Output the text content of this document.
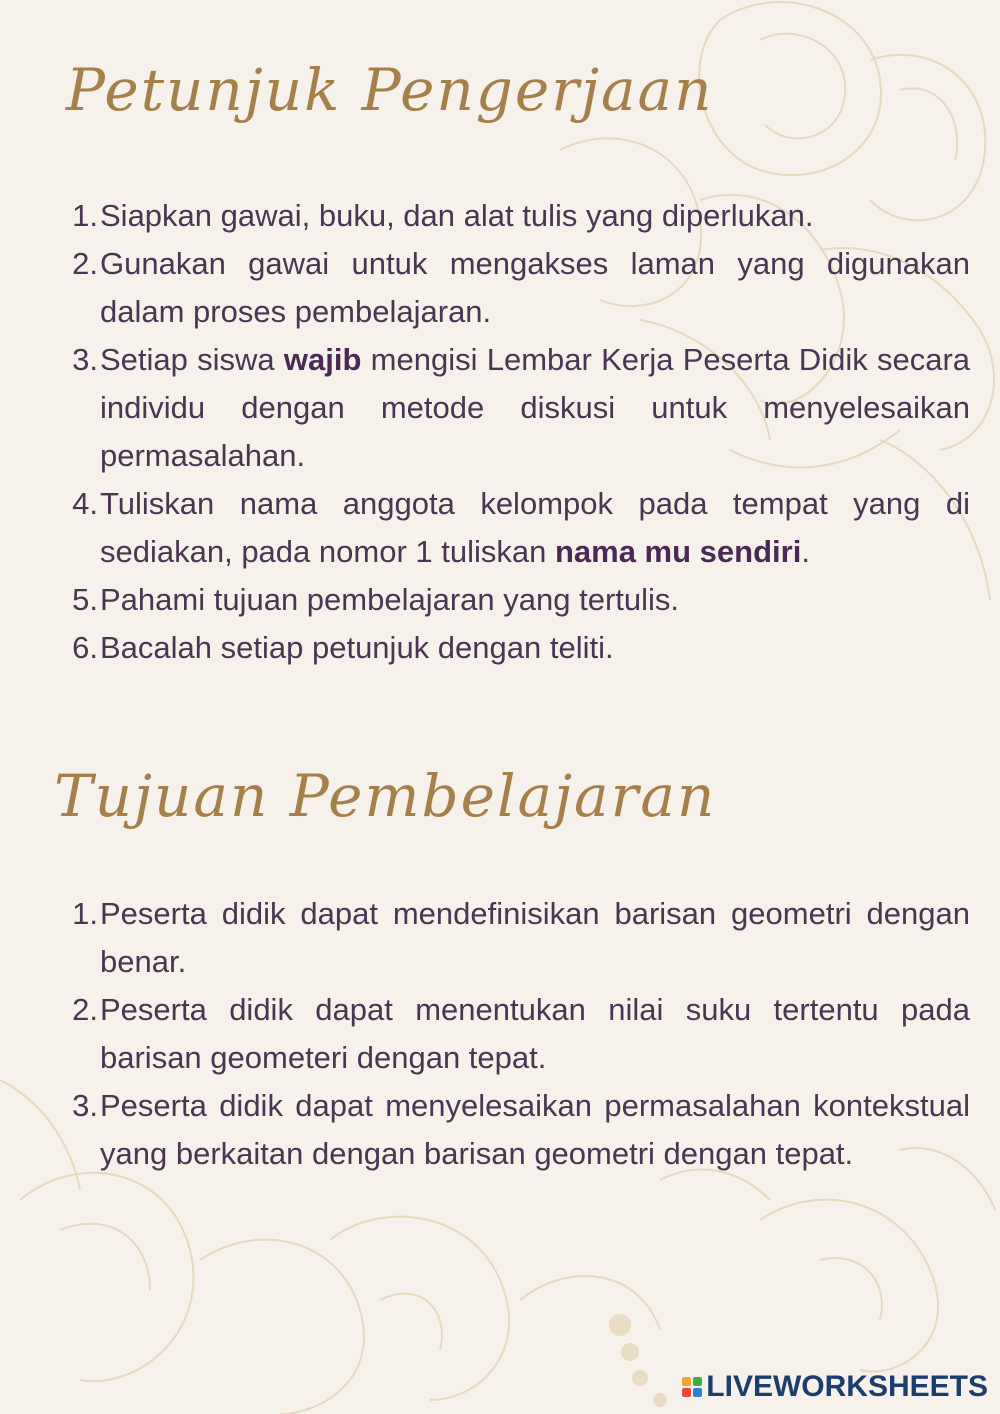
Petunjuk Pengerjaan
1. Siapkan gawai, buku, dan alat tulis yang diperlukan.
2. Gunakan gawai untuk mengakses laman yang digunakan dalam proses pembelajaran.
3. Setiap siswa wajib mengisi Lembar Kerja Peserta Didik secara individu dengan metode diskusi untuk menyelesaikan permasalahan.
4. Tuliskan nama anggota kelompok pada tempat yang di sediakan, pada nomor 1 tuliskan nama mu sendiri.
5. Pahami tujuan pembelajaran yang tertulis.
6. Bacalah setiap petunjuk dengan teliti.
Tujuan Pembelajaran
1. Peserta didik dapat mendefinisikan barisan geometri dengan benar.
2. Peserta didik dapat menentukan nilai suku tertentu pada barisan geometeri dengan tepat.
3. Peserta didik dapat menyelesaikan permasalahan kontekstual yang berkaitan dengan barisan geometri dengan tepat.
LIVEWORKSHEETS
